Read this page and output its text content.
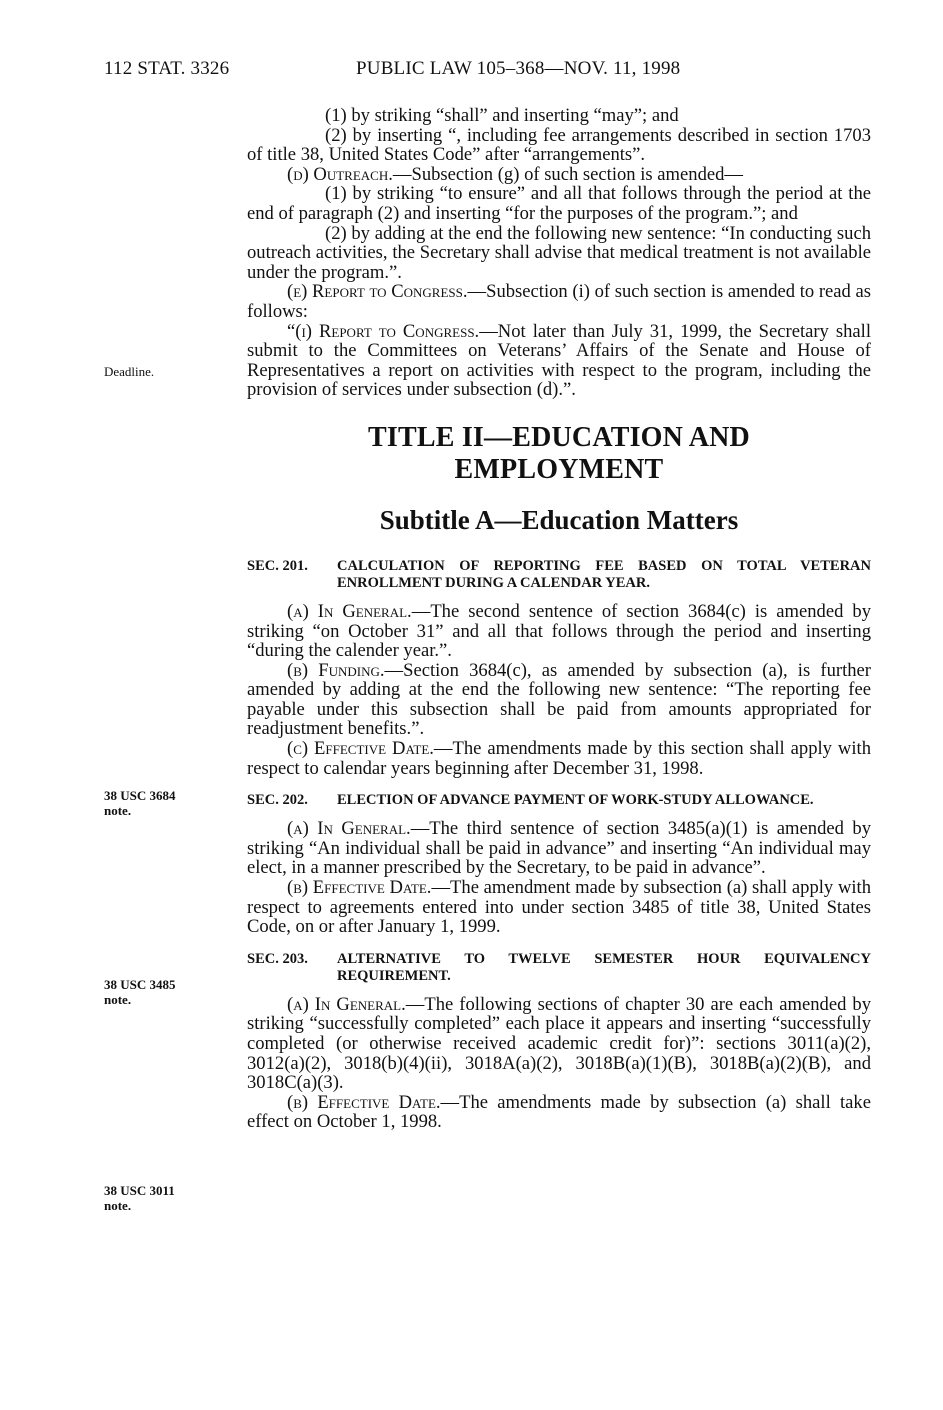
112 STAT. 3326	PUBLIC LAW 105–368—NOV. 11, 1998
Deadline.
38 USC 3684
note.
38 USC 3485
note.
38 USC 3011
note.

(1) by striking “shall” and inserting “may”; and

(2) by inserting “, including fee arrangements described in section 1703 of title 38, United States Code” after “arrangements”.

(d) Outreach.—Subsection (g) of such section is amended—

(1) by striking “to ensure” and all that follows through the period at the end of paragraph (2) and inserting “for the purposes of the program.”; and

(2) by adding at the end the following new sentence: “In conducting such outreach activities, the Secretary shall advise that medical treatment is not available under the program.”.

(e) Report to Congress.—Subsection (i) of such section is amended to read as follows:

“(i) Report to Congress.—Not later than July 31, 1999, the Secretary shall submit to the Committees on Veterans’ Affairs of the Senate and House of Representatives a report on activities with respect to the program, including the provision of services under subsection (d).”.

TITLE II—EDUCATION AND
EMPLOYMENT
Subtitle A—Education Matters
SEC. 201. CALCULATION OF REPORTING FEE BASED ON TOTAL VETERAN ENROLLMENT DURING A CALENDAR YEAR.

(a) In General.—The second sentence of section 3684(c) is amended by striking “on October 31” and all that follows through the period and inserting “during the calender year.”.

(b) Funding.—Section 3684(c), as amended by subsection (a), is further amended by adding at the end the following new sentence: “The reporting fee payable under this subsection shall be paid from amounts appropriated for readjustment benefits.”.

(c) Effective Date.—The amendments made by this section shall apply with respect to calendar years beginning after December 31, 1998.

SEC. 202. ELECTION OF ADVANCE PAYMENT OF WORK-STUDY ALLOWANCE.

(a) In General.—The third sentence of section 3485(a)(1) is amended by striking “An individual shall be paid in advance” and inserting “An individual may elect, in a manner prescribed by the Secretary, to be paid in advance”.

(b) Effective Date.—The amendment made by subsection (a) shall apply with respect to agreements entered into under section 3485 of title 38, United States Code, on or after January 1, 1999.

SEC. 203. ALTERNATIVE TO TWELVE SEMESTER HOUR EQUIVALENCY REQUIREMENT.

(a) In General.—The following sections of chapter 30 are each amended by striking “successfully completed” each place it appears and inserting “successfully completed (or otherwise received academic credit for)”: sections 3011(a)(2), 3012(a)(2), 3018(b)(4)(ii), 3018A(a)(2), 3018B(a)(1)(B), 3018B(a)(2)(B), and 3018C(a)(3).

(b) Effective Date.—The amendments made by subsection (a) shall take effect on October 1, 1998.
